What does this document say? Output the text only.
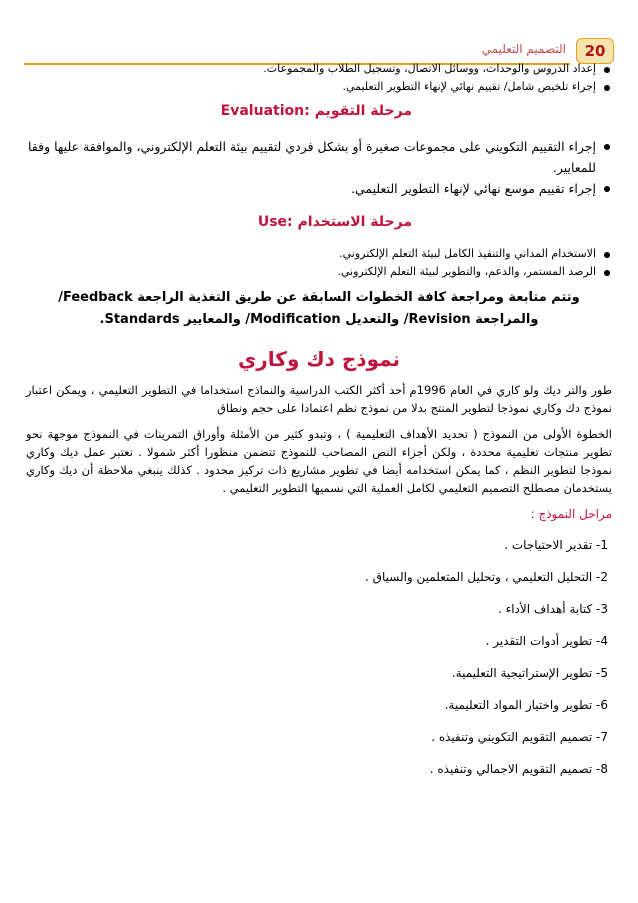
20
التصميم التعليمي
إعداد الدروس والوحدات، ووسائل الاتصال، وتسجيل الطلاب والمجموعات.
إجراء تلخيص شامل/ تقييم نهائي لإنهاء التطوير التعليمي.
مرحلة التقويم :Evaluation
إجراء التقييم التكويني على مجموعات صغيرة أو بشكل فردي لتقييم بيئة التعلم الإلكتروني، والموافقة عليها وفقا للمعايير.
إجراء تقييم موسع نهائي لإنهاء التطوير التعليمي.
مرحلة الاستخدام :Use
الاستخدام المداني والتنفيذ الكامل لبيئة التعلم الإلكتروني.
الرصد المستمر، والدعم، والتطوير لبيئة التعلم الإلكتروني.
وتتم متابعة ومراجعة كافة الخطوات السابقة عن طريق التغذية الراجعة Feedback/ والمراجعة Revision/ والتعديل Modification/ والمعايير Standards.
نموذج دك وكاري

طور والتر ديك ولو كاري في العام 1996م أحد أكثر الكتب الدراسية والنماذج استخداما في التطوير التعليمي ، ويمكن اعتبار نموذج دك وكاري نموذجا لتطوير المنتج بدلا من نموذج نظم اعتمادا على حجم ونطاق

الخطوة الأولى من النموذج ( تحديد الأهداف التعليمية ) ، وتبدو كثير من الأمثلة وأوراق التمرينات في النموذج موجهة نحو تطوير منتجات تعليمية محددة ، ولكن أجزاء النص المصاحب للنموذج تتضمن منظورا أكثر شمولا . نعتبر عمل ديك وكاري نموذجا لتطوير النظم ، كما يمكن استخدامه أيضا في تطوير مشاريع ذات تركيز محدود . كذلك ينبغي ملاحظة أن ديك وكاري يستخدمان مصطلح التصميم التعليمي لكامل العملية التي نسميها التطوير التعليمي .

مراحل النموذج :
1- تقدير الاحتياجات .
2- التحليل التعليمي ، وتحليل المتعلمين والسياق .
3- كتابة أهداف الأداء .
4- تطوير أدوات التقدير .
5- تطوير الإستراتيجية التعليمية.
6- تطوير واختيار المواد التعليمية.
7- تصميم التقويم التكويني وتنفيذه .
8- تصميم التقويم الاجمالي وتنفيذه .
